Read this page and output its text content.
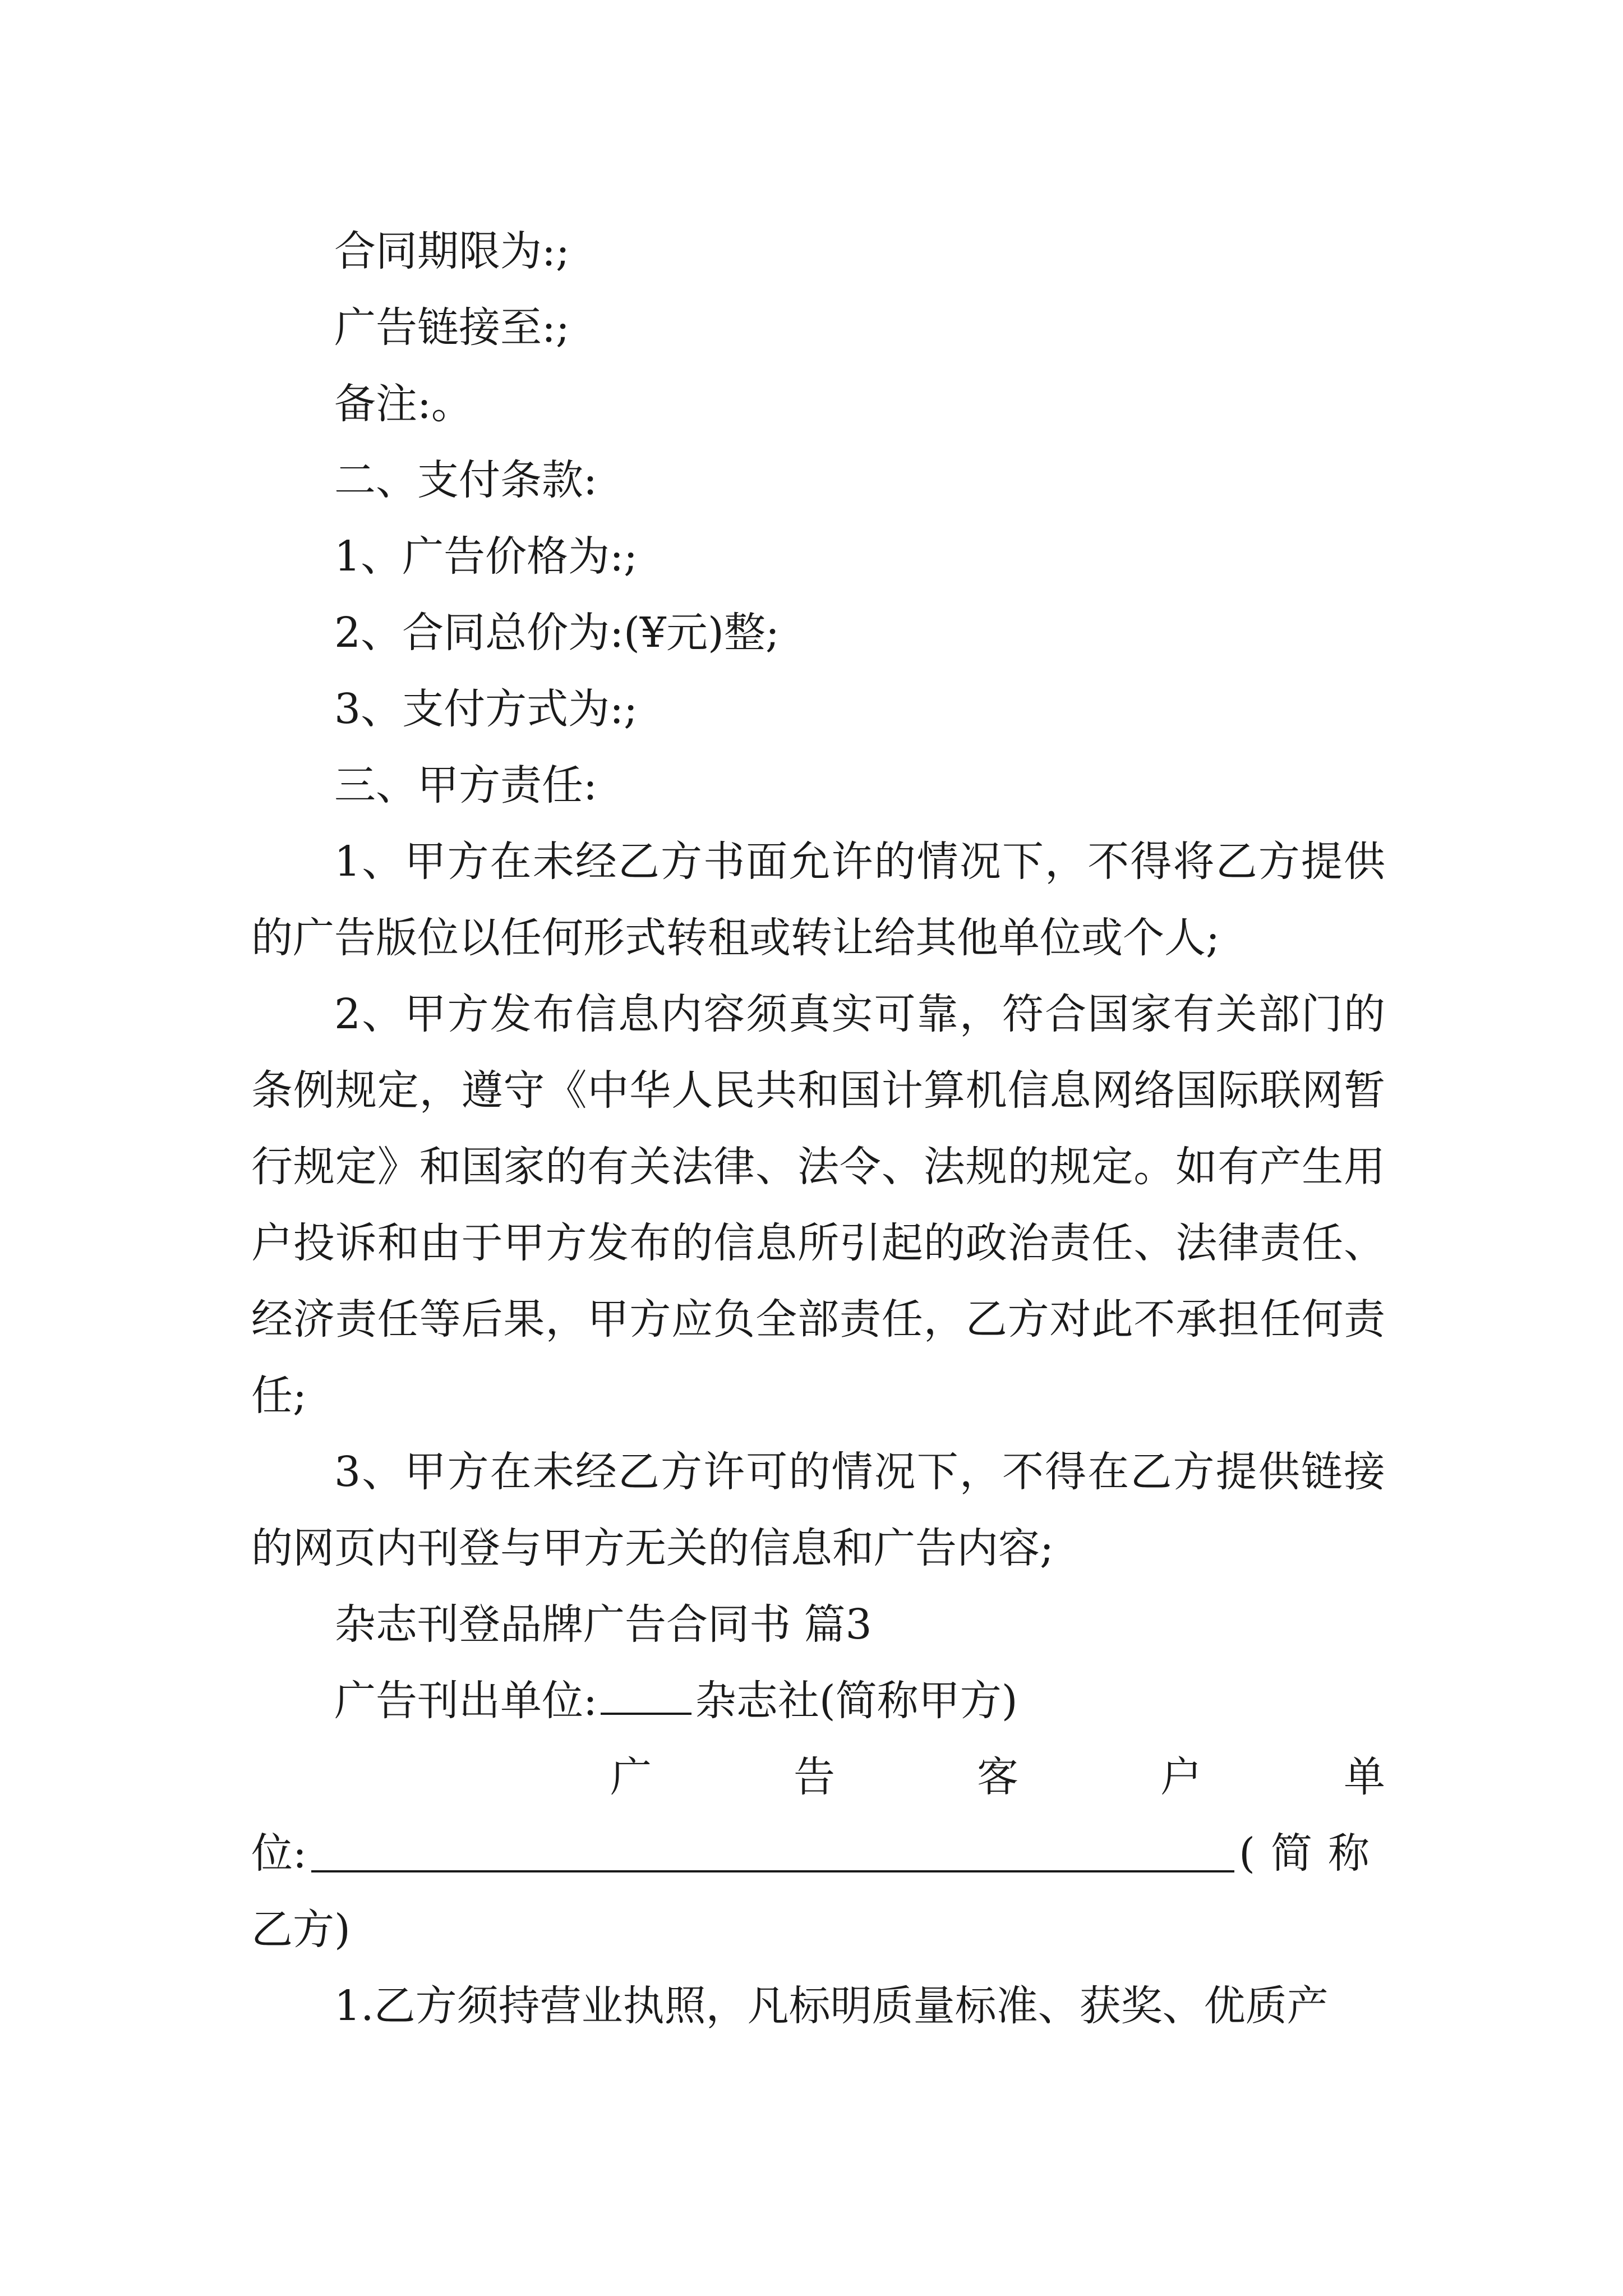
合同期限为:;

广告链接至:;

备注:。

二、支付条款:

1、广告价格为:;

2、合同总价为:(¥元)整;

3、支付方式为:;

三、甲方责任:

1、甲方在未经乙方书面允许的情况下，不得将乙方提供的广告版位以任何形式转租或转让给其他单位或个人;

2、甲方发布信息内容须真实可靠，符合国家有关部门的条例规定，遵守《中华人民共和国计算机信息网络国际联网暂行规定》和国家的有关法律、法令、法规的规定。如有产生用户投诉和由于甲方发布的信息所引起的政治责任、法律责任、经济责任等后果，甲方应负全部责任，乙方对此不承担任何责任;

3、甲方在未经乙方许可的情况下，不得在乙方提供链接的网页内刊登与甲方无关的信息和广告内容;

杂志刊登品牌广告合同书 篇3

广告刊出单位: 杂志社(简称甲方)

广	告	客	户	单
位:	(简称

乙方)

1.乙方须持营业执照，凡标明质量标准、获奖、优质产
